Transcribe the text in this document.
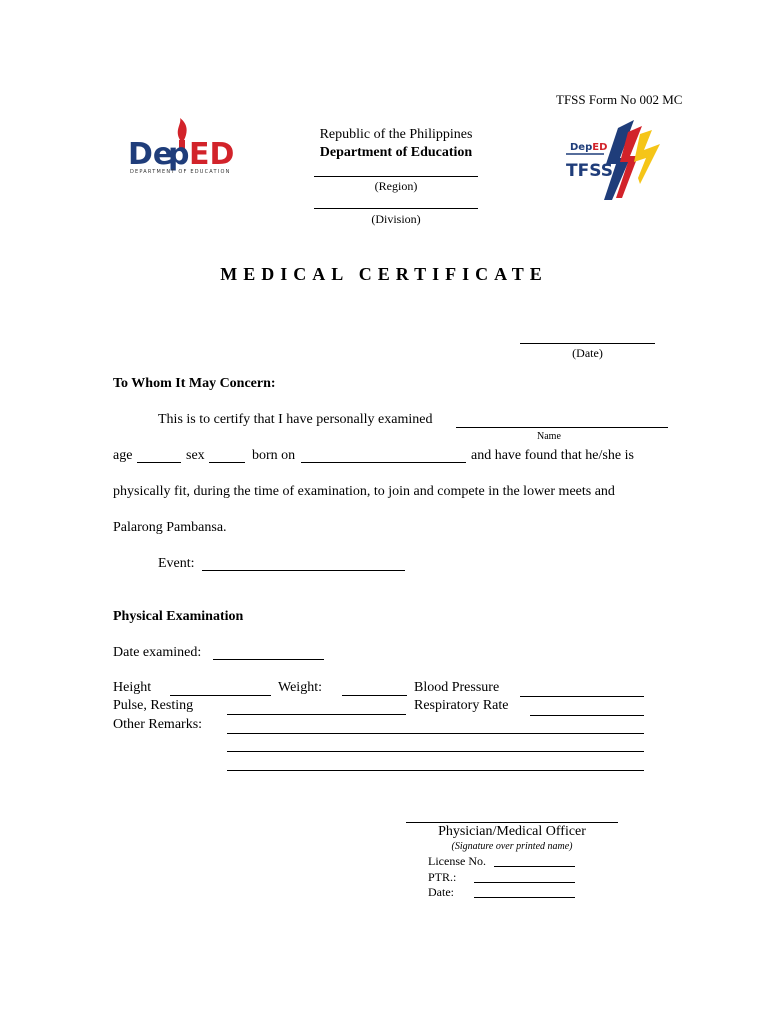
TFSS Form No 002 MC
De
p ED
DEPARTMENT OF EDUCATION
DepED
TFSS
Republic of the Philippines
Department of Education
(Region)
(Division)
MEDICAL CERTIFICATE
(Date)
To Whom It May Concern:
This is to certify that I have personally examined
Name
age	sex	born on	and have found that he/she is
physically fit, during the time of examination, to join and compete in the lower meets and
Palarong Pambansa.
Event:
Physical Examination
Date examined:
Height	Weight:	Blood Pressure
Pulse, Resting	Respiratory Rate
Other Remarks:
Physician/Medical Officer
(Signature over printed name)
License No.
PTR.:
Date:
